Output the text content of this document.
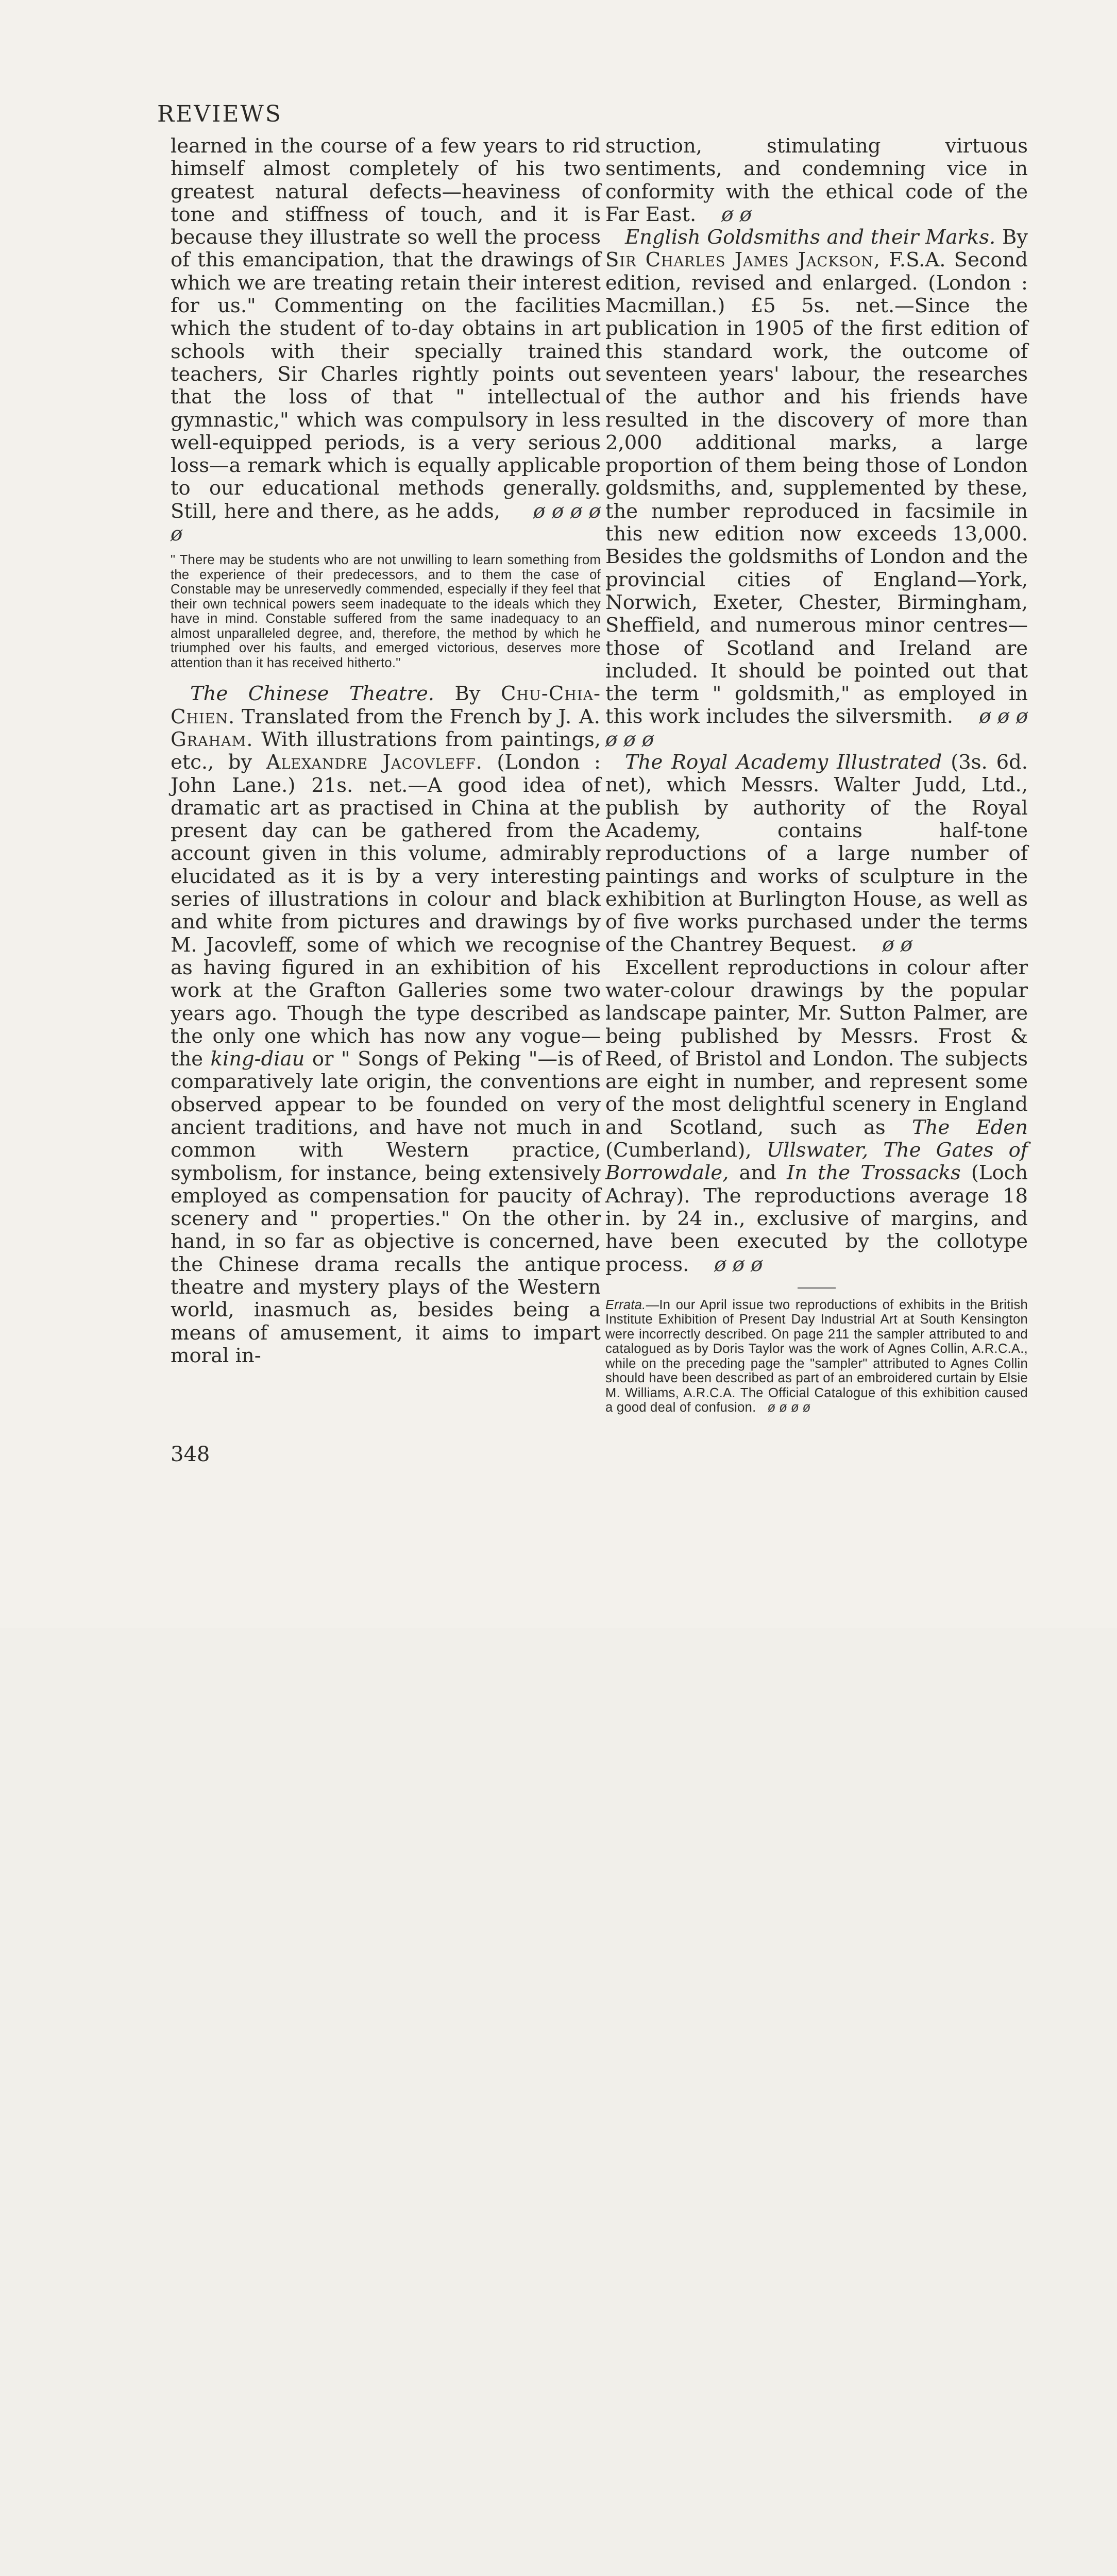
REVIEWS

learned in the course of a few years to rid himself almost completely of his two greatest natural defects—heaviness of tone and stiffness of touch, and it is because they illustrate so well the process of this emancipation, that the drawings of which we are treating retain their interest for us." Commenting on the facilities which the student of to-day obtains in art schools with their specially trained teachers, Sir Charles rightly points out that the loss of that " intellectual gymnastic," which was compulsory in less well-equipped periods, is a very serious loss—a remark which is equally applicable to our educational methods generally. Still, here and there, as he adds, ø ø ø ø ø

" There may be students who are not unwilling to learn something from the experience of their predecessors, and to them the case of Constable may be unreservedly commended, especially if they feel that their own technical powers seem inadequate to the ideals which they have in mind. Constable suffered from the same inadequacy to an almost unparalleled degree, and, therefore, the method by which he triumphed over his faults, and emerged victorious, deserves more attention than it has received hitherto."

The Chinese Theatre. By Chu-Chia-Chien. Translated from the French by J. A. Graham. With illustrations from paintings, etc., by Alexandre Jacovleff. (London : John Lane.) 21s. net.—A good idea of dramatic art as practised in China at the present day can be gathered from the account given in this volume, admirably elucidated as it is by a very interesting series of illustrations in colour and black and white from pictures and drawings by M. Jacovleff, some of which we recognise as having figured in an exhibition of his work at the Grafton Galleries some two years ago. Though the type described as the only one which has now any vogue—the king-diau or " Songs of Peking "—is of comparatively late origin, the conventions observed appear to be founded on very ancient traditions, and have not much in common with Western practice, symbolism, for instance, being extensively employed as compensation for paucity of scenery and " properties." On the other hand, in so far as objective is concerned, the Chinese drama recalls the antique theatre and mystery plays of the Western world, inasmuch as, besides being a means of amusement, it aims to impart moral in-

struction, stimulating virtuous sentiments, and condemning vice in conformity with the ethical code of the Far East. ø ø

English Goldsmiths and their Marks. By Sir Charles James Jackson, F.S.A. Second edition, revised and enlarged. (London : Macmillan.) £5 5s. net.—Since the publication in 1905 of the first edition of this standard work, the outcome of seventeen years' labour, the researches of the author and his friends have resulted in the discovery of more than 2,000 additional marks, a large proportion of them being those of London goldsmiths, and, supplemented by these, the number reproduced in facsimile in this new edition now exceeds 13,000. Besides the goldsmiths of London and the provincial cities of England—York, Norwich, Exeter, Chester, Birmingham, Sheffield, and numerous minor centres—those of Scotland and Ireland are included. It should be pointed out that the term " goldsmith," as employed in this work includes the silversmith. ø ø ø ø ø ø

The Royal Academy Illustrated (3s. 6d. net), which Messrs. Walter Judd, Ltd., publish by authority of the Royal Academy, contains half-tone reproductions of a large number of paintings and works of sculpture in the exhibition at Burlington House, as well as of five works purchased under the terms of the Chantrey Bequest. ø ø

Excellent reproductions in colour after water-colour drawings by the popular landscape painter, Mr. Sutton Palmer, are being published by Messrs. Frost & Reed, of Bristol and London. The subjects are eight in number, and represent some of the most delightful scenery in England and Scotland, such as The Eden (Cumberland), Ullswater, The Gates of Borrowdale, and In the Trossacks (Loch Achray). The reproductions average 18 in. by 24 in., exclusive of margins, and have been executed by the collotype process. ø ø ø

Errata.—In our April issue two reproductions of exhibits in the British Institute Exhibition of Present Day Industrial Art at South Kensington were incorrectly described. On page 211 the sampler attributed to and catalogued as by Doris Taylor was the work of Agnes Collin, A.R.C.A., while on the preceding page the "sampler" attributed to Agnes Collin should have been described as part of an embroidered curtain by Elsie M. Williams, A.R.C.A. The Official Catalogue of this exhibition caused a good deal of confusion. ø ø ø ø
348
